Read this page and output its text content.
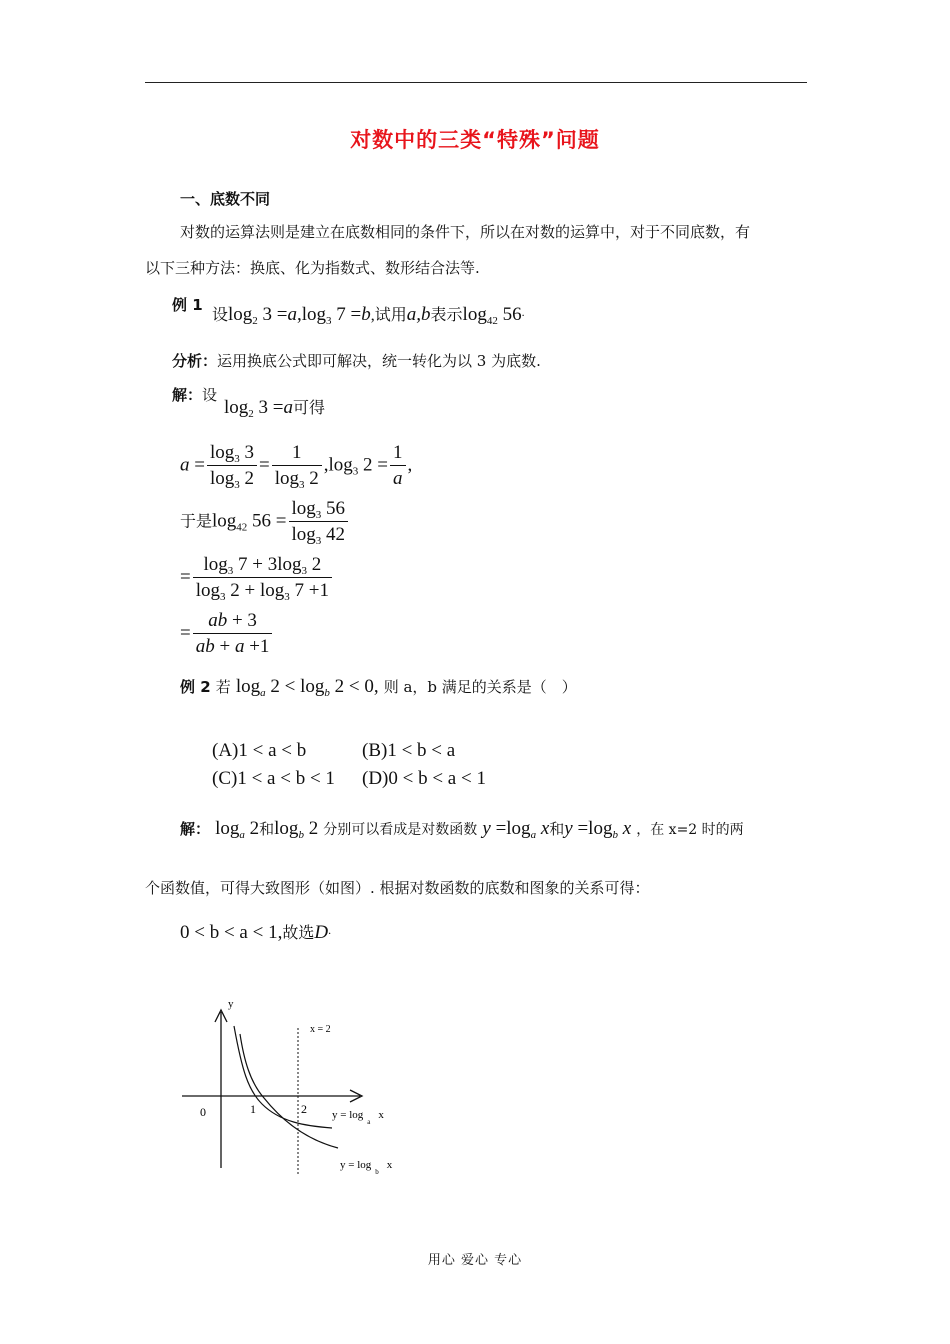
对数中的三类“特殊”问题
一、底数不同
对数的运算法则是建立在底数相同的条件下，所以在对数的运算中，对于不同底数，有
以下三种方法：换底、化为指数式、数形结合法等.
例 1
设$\log_2 3 =a,\log_3$ 7 =b,试用a,b表示$\log_{42} 56^.$
分析：运用换底公式即可解决，统一转化为以 3 为底数.
解：设
$\log_2 3 =a$可得
$a = \frac{\log_3 3}{\log_3 2} = \frac{1}{\log_3 2} ,\log_3$ $2 = \frac{1}{a}$ ,
于是$\log_{42} 56 = \frac{\log_3 56}{\log_3 42}$
= $\frac{\log_3 7 + 3\log_3 2}{\log_3 2 + \log_3 7 +1}$
= $\frac{ab + 3}{ab + a +1}$
例 2 若 $\log_a 2 < \log_b 2 < 0$, 则 a，b 满足的关系是（　）
(A)1 < a < b	(B)1 < b < a
(C)1 < a < b < 1 (D)0 < b < a < 1
解： $\log_a 2$和$\log_b 2$ 分别可以看成是对数函数 $y =\log_a$ x和$y =\log_b$ x ，在 x=2 时的两
个函数值，可得大致图形（如图）. 根据对数函数的底数和图象的关系可得：
0 < b < a < 1,故选D.
y
x = 2
0	1	2 $y = \log_ax$
$y = \log_bx$
用心 爱心 专心
